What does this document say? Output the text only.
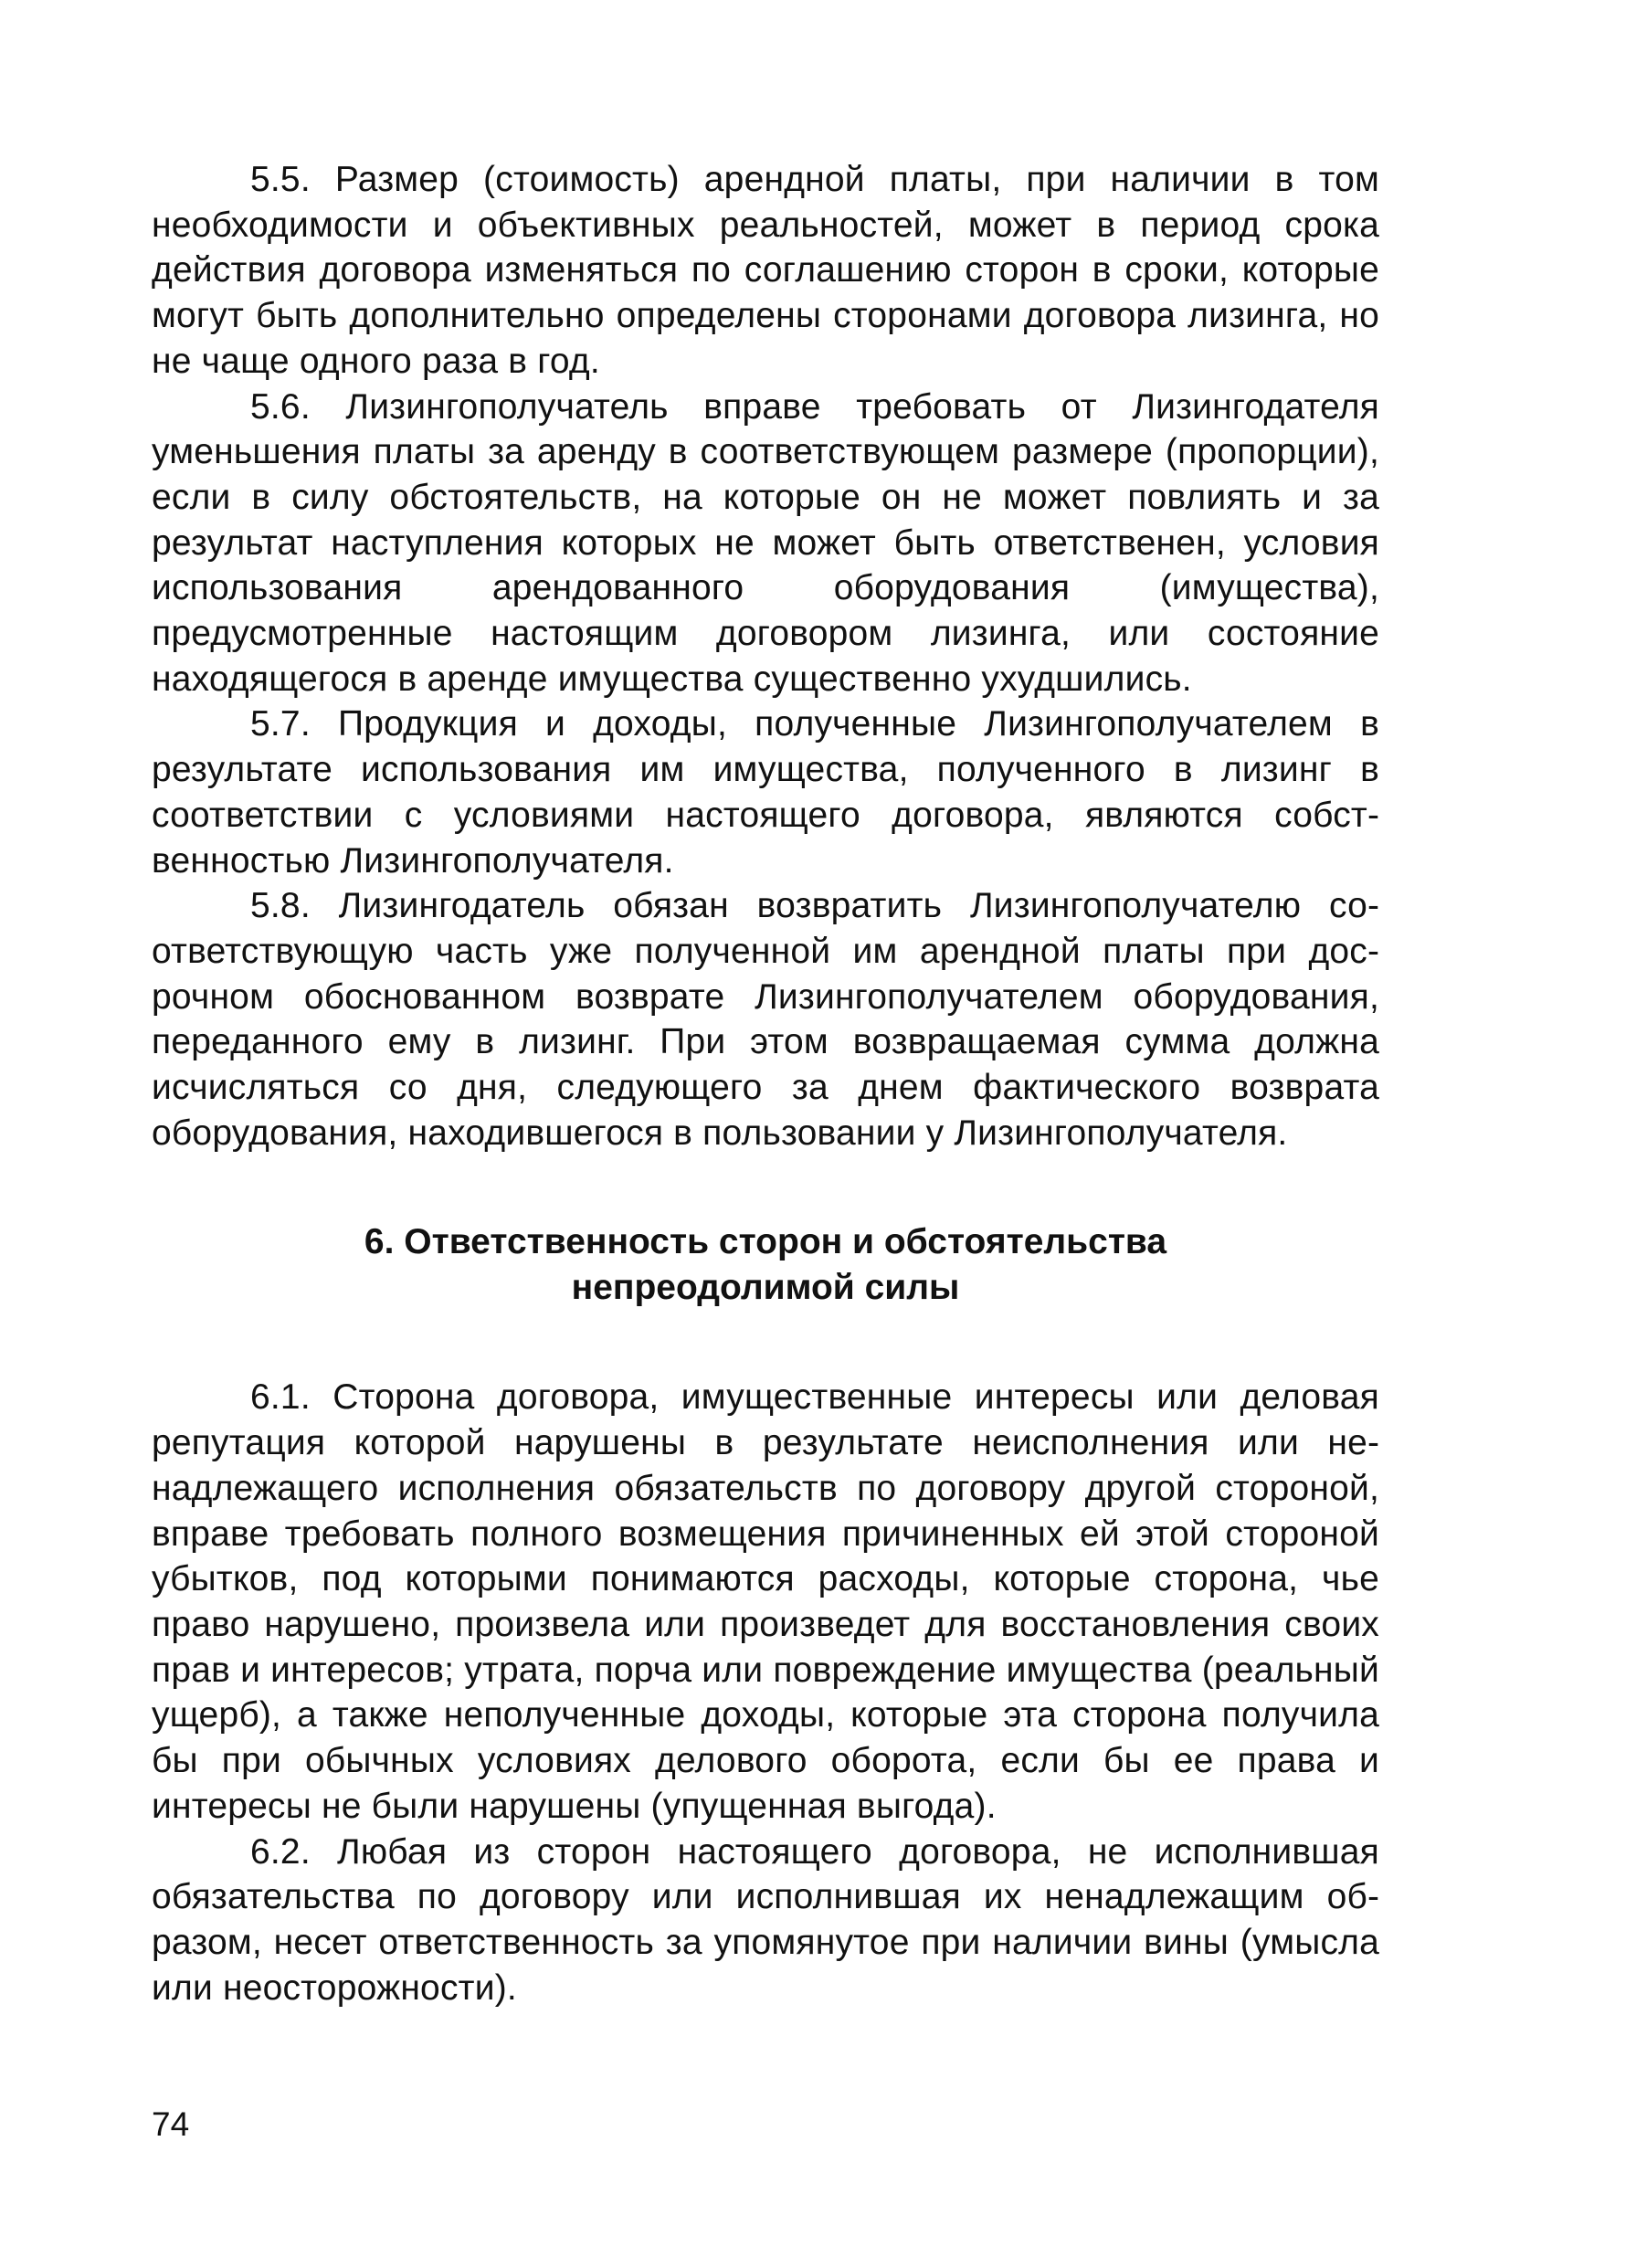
5.5. Размер (стоимость) арендной платы, при наличии в том необходимости и объективных реальностей, может в период срока действия договора изменяться по соглашению сторон в сроки, которые могут быть дополнительно определены сторонами договора лизинга, но не чаще одного раза в год.

5.6. Лизингополучатель вправе требовать от Лизингодателя уменьшения платы за аренду в соответствующем размере (пропорции), если в силу обстоятельств, на которые он не может повлиять и за результат наступления которых не может быть ответственен, условия использования арендованного оборудования (имущества), предусмотренные настоящим договором лизинга, или состояние находящегося в аренде имущества существенно ухудшились.

5.7. Продукция и доходы, полученные Лизингополучателем в результате использования им имущества, полученного в лизинг в соответствии с условиями настоящего договора, являются собственностью Лизингополучателя.

5.8. Лизингодатель обязан возвратить Лизингополучателю соответствующую часть уже полученной им арендной платы при досрочном обоснованном возврате Лизингополучателем оборудования, переданного ему в лизинг. При этом возвращаемая сумма должна исчисляться со дня, следующего за днем фактического возврата оборудования, находившегося в пользовании у Лизингополучателя.

6. Ответственность сторон и обстоятельства
непреодолимой силы

6.1. Сторона договора, имущественные интересы или деловая репутация которой нарушены в результате неисполнения или ненадлежащего исполнения обязательств по договору другой стороной, вправе требовать полного возмещения причиненных ей этой стороной убытков, под которыми понимаются расходы, которые сторона, чье право нарушено, произвела или произведет для восстановления своих прав и интересов; утрата, порча или повреждение имущества (реальный ущерб), а также неполученные доходы, которые эта сторона получила бы при обычных условиях делового оборота, если бы ее права и интересы не были нарушены (упущенная выгода).

6.2. Любая из сторон настоящего договора, не исполнившая обязательства по договору или исполнившая их ненадлежащим образом, несет ответственность за упомянутое при наличии вины (умысла или неосторожности).

74
